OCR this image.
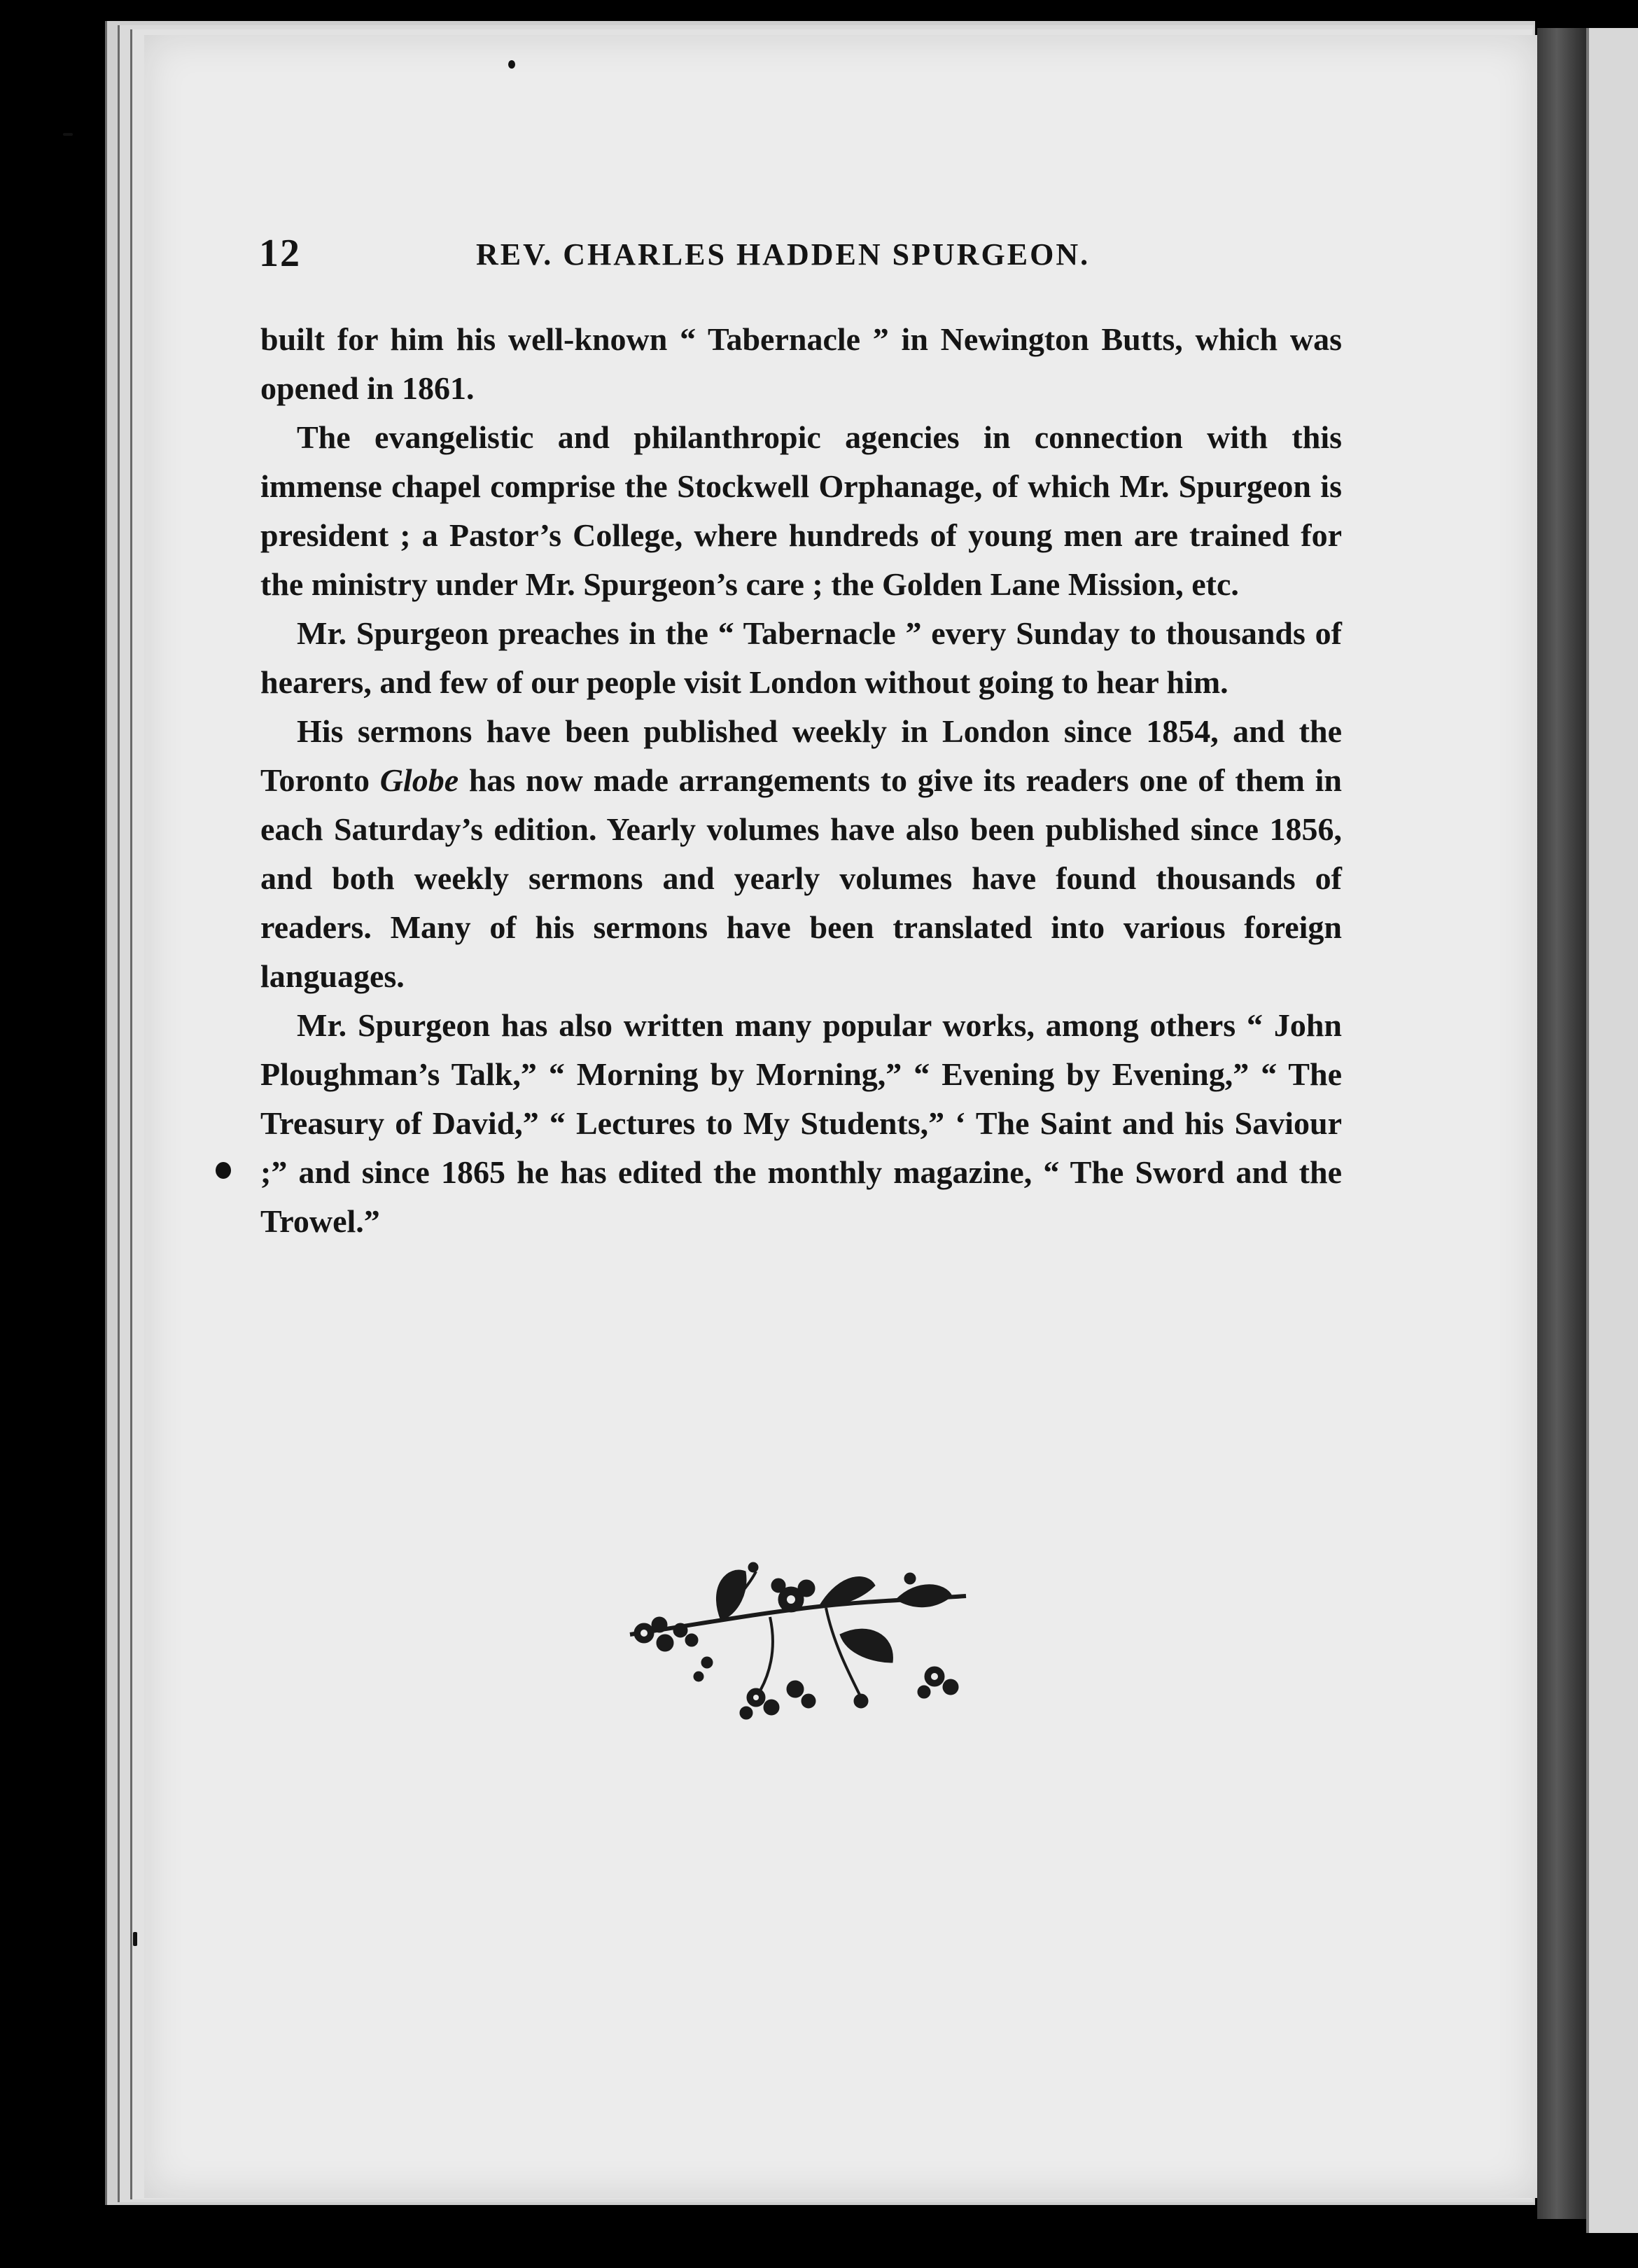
12	REV. CHARLES HADDEN SPURGEON.

built for him his well-known “ Tabernacle ” in Newington Butts, which was opened in 1861.

The evangelistic and philanthropic agencies in connection with this immense chapel comprise the Stockwell Orphanage, of which Mr. Spurgeon is president ; a Pastor’s College, where hundreds of young men are trained for the ministry under Mr. Spurgeon’s care ; the Golden Lane Mission, etc.

Mr. Spurgeon preaches in the “ Tabernacle ” every Sunday to thousands of hearers, and few of our people visit London without going to hear him.

His sermons have been published weekly in London since 1854, and the Toronto Globe has now made arrangements to give its readers one of them in each Saturday’s edition. Yearly volumes have also been published since 1856, and both weekly sermons and yearly volumes have found thousands of readers. Many of his sermons have been translated into various foreign languages.

Mr. Spurgeon has also written many popular works, among others “ John Ploughman’s Talk,” “ Morning by Morning,” “ Evening by Evening,” “ The Treasury of David,” “ Lectures to My Students,” ‘ The Saint and his Saviour ;” and since 1865 he has edited the monthly magazine, “ The Sword and the Trowel.”
